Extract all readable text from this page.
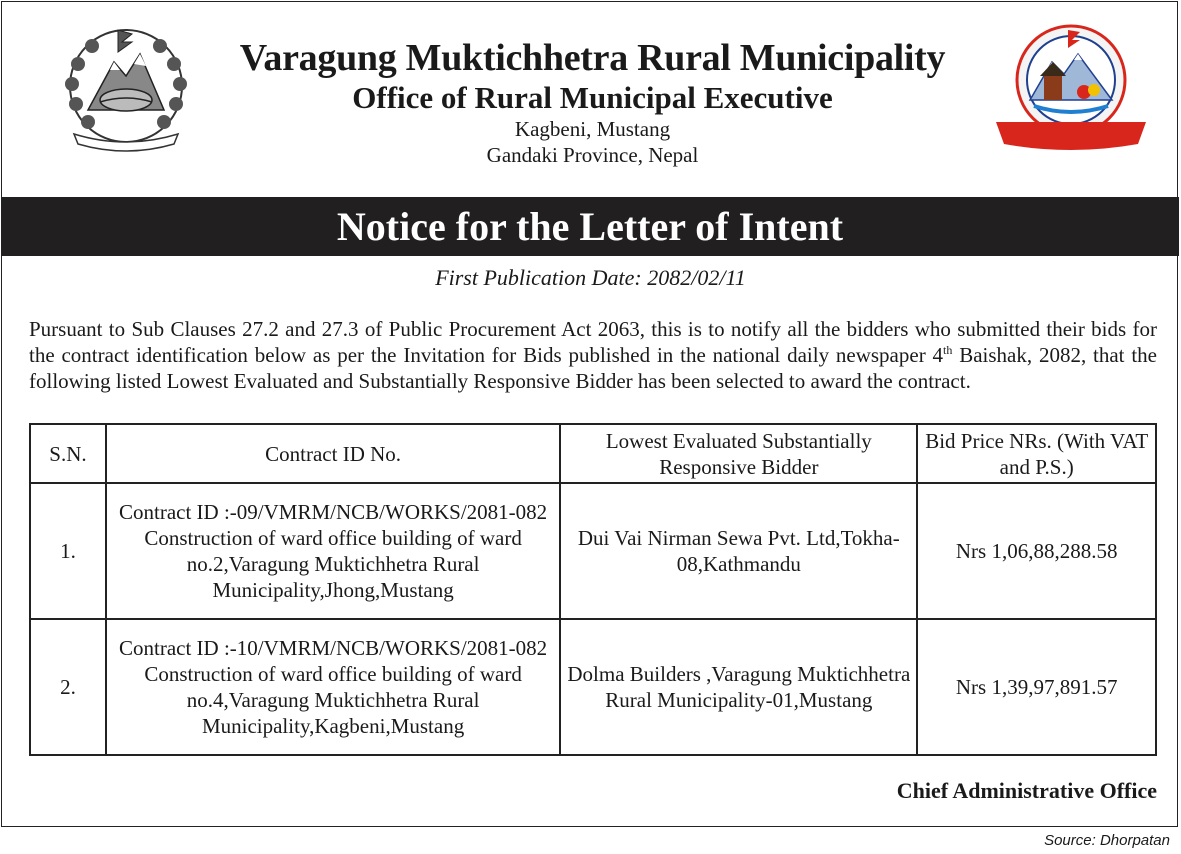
Varagung Muktichhetra Rural Municipality
Office of Rural Municipal Executive
Kagbeni, Mustang
Gandaki Province, Nepal
Notice for the Letter of Intent
First Publication Date: 2082/02/11
Pursuant to Sub Clauses 27.2 and 27.3 of Public Procurement Act 2063, this is to notify all the bidders who submitted their bids for the contract identification below as per the Invitation for Bids published in the national daily newspaper 4th Baishak, 2082, that the following listed Lowest Evaluated and Substantially Responsive Bidder has been selected to award the contract.
S.N.	Contract ID No.	Lowest Evaluated Substantially Responsive Bidder	Bid Price NRs. (With VAT and P.S.)
1.	Contract ID :-09/VMRM/NCB/WORKS/2081-082 Construction of ward office building of ward no.2,Varagung Muktichhetra Rural Municipality,Jhong,Mustang	Dui Vai Nirman Sewa Pvt. Ltd,Tokha-08,Kathmandu	Nrs 1,06,88,288.58
2.	Contract ID :-10/VMRM/NCB/WORKS/2081-082 Construction of ward office building of ward no.4,Varagung Muktichhetra Rural Municipality,Kagbeni,Mustang	Dolma Builders ,Varagung Muktichhetra Rural Municipality-01,Mustang	Nrs 1,39,97,891.57
Chief Administrative Office
Source: Dhorpatan
